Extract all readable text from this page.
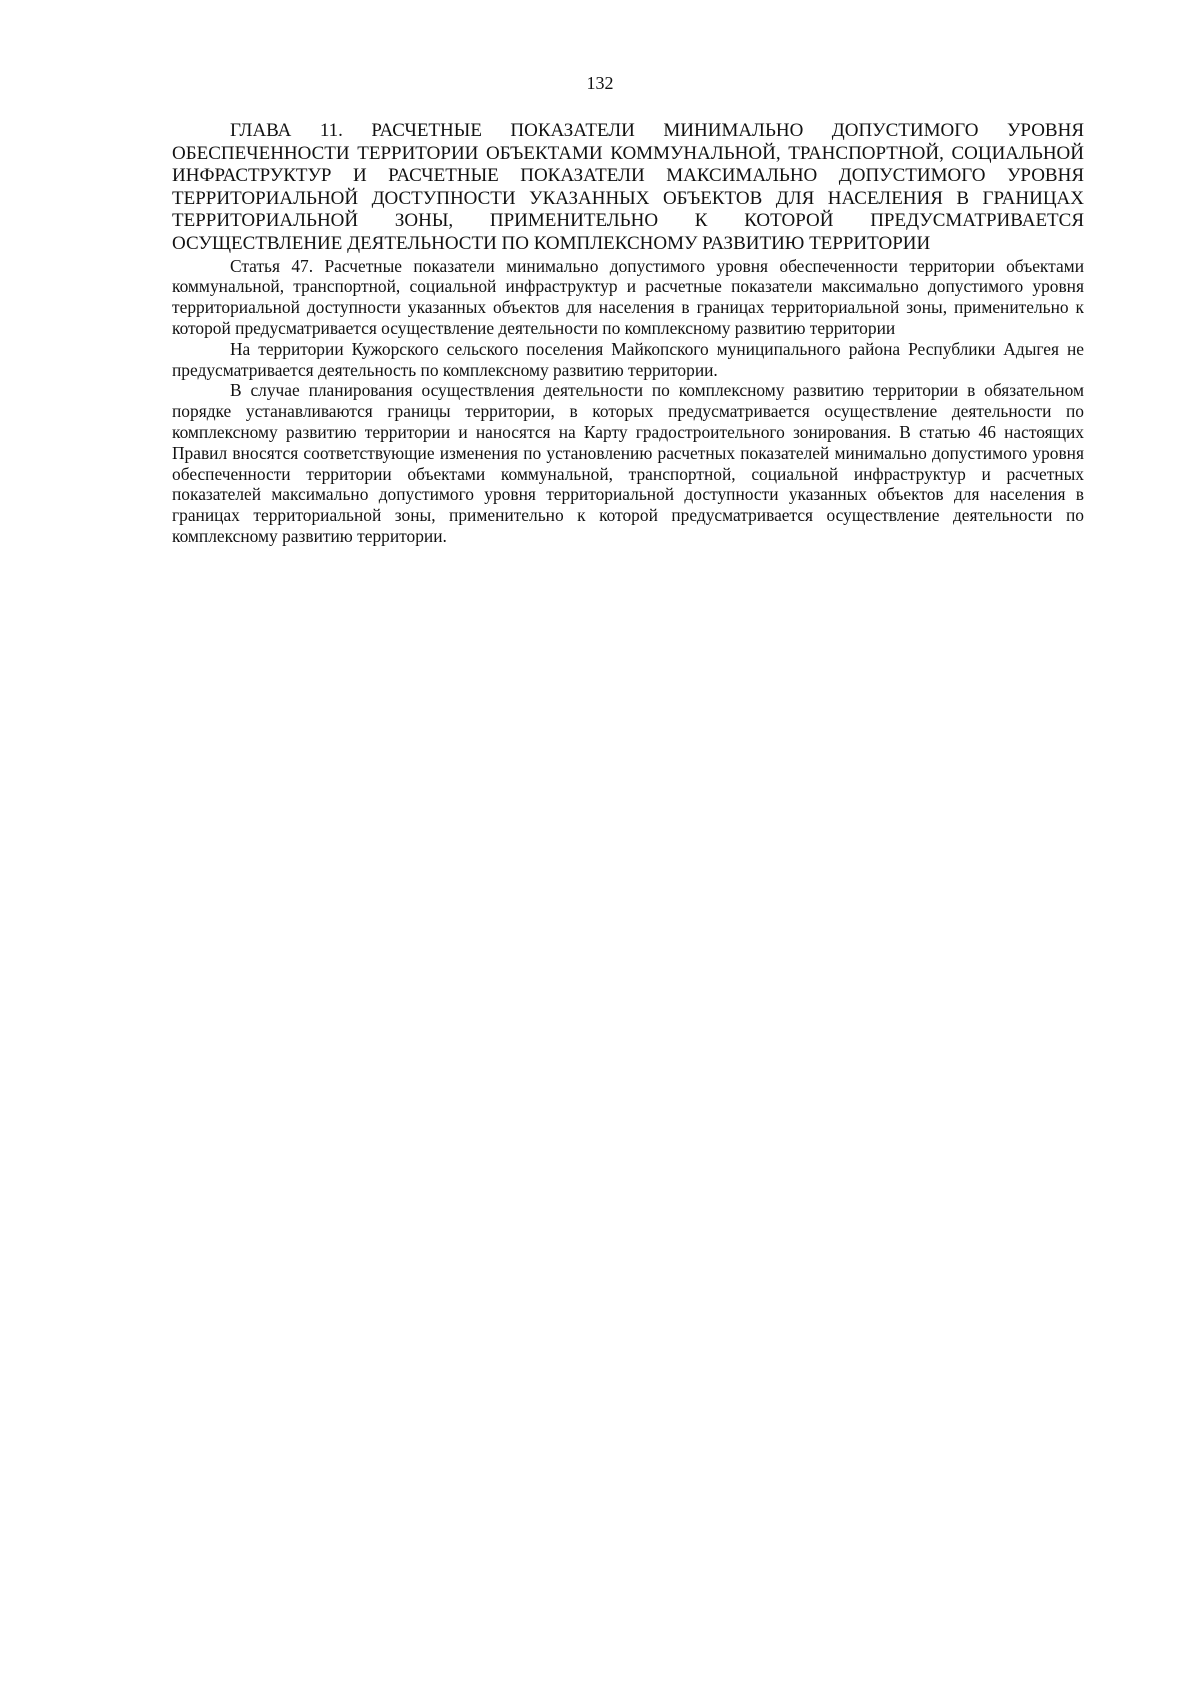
132
ГЛАВА 11. РАСЧЕТНЫЕ ПОКАЗАТЕЛИ МИНИМАЛЬНО ДОПУСТИМОГО УРОВНЯ ОБЕСПЕЧЕННОСТИ ТЕРРИТОРИИ ОБЪЕКТАМИ КОММУНАЛЬНОЙ, ТРАНСПОРТНОЙ, СОЦИАЛЬНОЙ ИНФРАСТРУКТУР И РАСЧЕТНЫЕ ПОКАЗАТЕЛИ МАКСИМАЛЬНО ДОПУСТИМОГО УРОВНЯ ТЕРРИТОРИАЛЬНОЙ ДОСТУПНОСТИ УКАЗАННЫХ ОБЪЕКТОВ ДЛЯ НАСЕЛЕНИЯ В ГРАНИЦАХ ТЕРРИТОРИАЛЬНОЙ ЗОНЫ, ПРИМЕНИТЕЛЬНО К КОТОРОЙ ПРЕДУСМАТРИВАЕТСЯ ОСУЩЕСТВЛЕНИЕ ДЕЯТЕЛЬНОСТИ ПО КОМПЛЕКСНОМУ РАЗВИТИЮ ТЕРРИТОРИИ

Статья 47. Расчетные показатели минимально допустимого уровня обеспеченности территории объектами коммунальной, транспортной, социальной инфраструктур и расчетные показатели максимально допустимого уровня территориальной доступности указанных объектов для населения в границах территориальной зоны, применительно к которой предусматривается осуществление деятельности по комплексному развитию территории

На территории Кужорского сельского поселения Майкопского муниципального района Республики Адыгея не предусматривается деятельность по комплексному развитию территории.

В случае планирования осуществления деятельности по комплексному развитию территории в обязательном порядке устанавливаются границы территории, в которых предусматривается осуществление деятельности по комплексному развитию территории и наносятся на Карту градостроительного зонирования. В статью 46 настоящих Правил вносятся соответствующие изменения по установлению расчетных показателей минимально допустимого уровня обеспеченности территории объектами коммунальной, транспортной, социальной инфраструктур и расчетных показателей максимально допустимого уровня территориальной доступности указанных объектов для населения в границах территориальной зоны, применительно к которой предусматривается осуществление деятельности по комплексному развитию территории.
